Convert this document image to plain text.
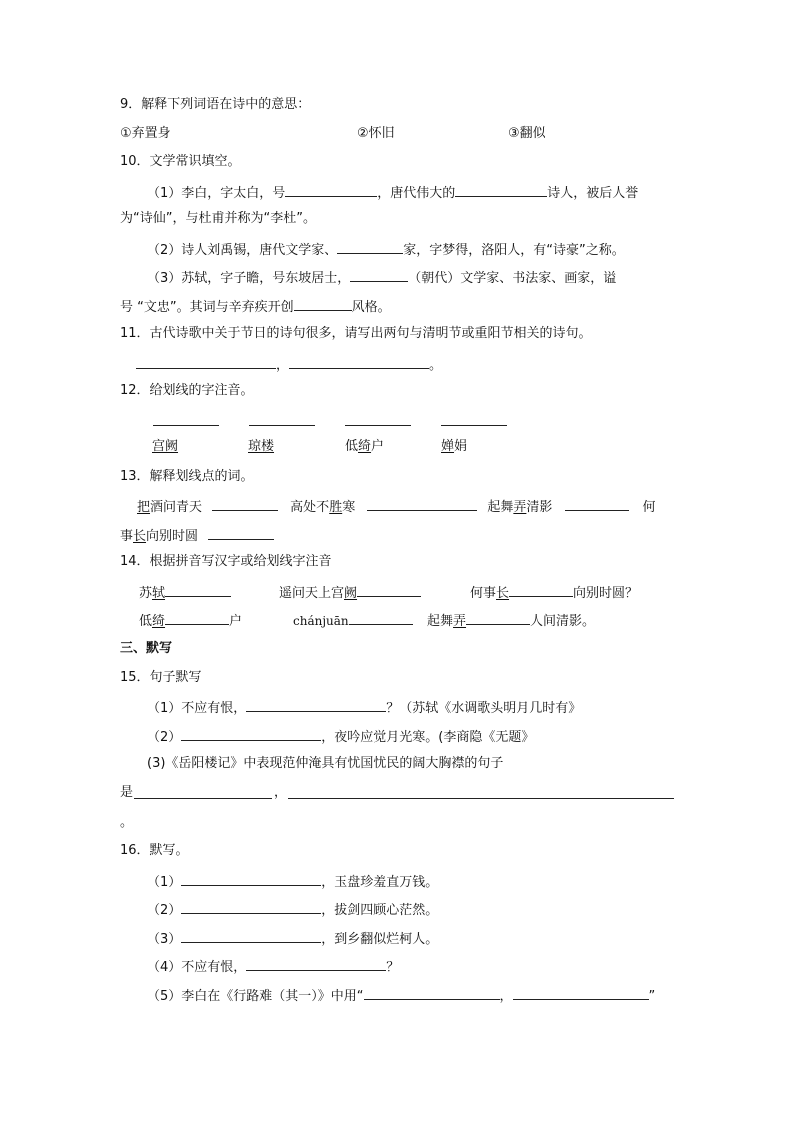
9．解释下列词语在诗中的意思：
①弃置身	②怀旧	③翻似
10．文学常识填空。
（1）李白，字太白，号	，唐代伟大的	诗人，被后人誉
为“诗仙”，与杜甫并称为“李杜”。
（2）诗人刘禹锡，唐代文学家、	家，字梦得，洛阳人，有“诗豪”之称。
（3）苏轼，字子瞻，号东坡居士，	（朝代）文学家、书法家、画家，谥
号 “文忠”。其词与辛弃疾开创	风格。
11．古代诗歌中关于节日的诗句很多，请写出两句与清明节或重阳节相关的诗句。
，	。
12．给划线的字注音。
宫阙	琼楼	低绮户	婵娟
13．解释划线点的词。
把酒问青天	高处不胜寒	起舞弄清影	何
事长向别时圆
14．根据拼音写汉字或给划线字注音
苏轼	遥问天上宫阙	何事长	向别时圆？
低绮	户	chánjuān	起舞弄	人间清影。
三、默写
15．句子默写
（1）不应有恨，	？（苏轼《水调歌头明月几时有》
（2）	，夜吟应觉月光寒。(李商隐《无题》
(3)《岳阳楼记》中表现范仲淹具有忧国忧民的阔大胸襟的句子
是	，
。
16．默写。
（1）	，玉盘珍羞直万钱。
（2）	，拔剑四顾心茫然。
（3）	，到乡翻似烂柯人。
（4）不应有恨，	？
（5）李白在《行路难（其一）》中用“	，	”
